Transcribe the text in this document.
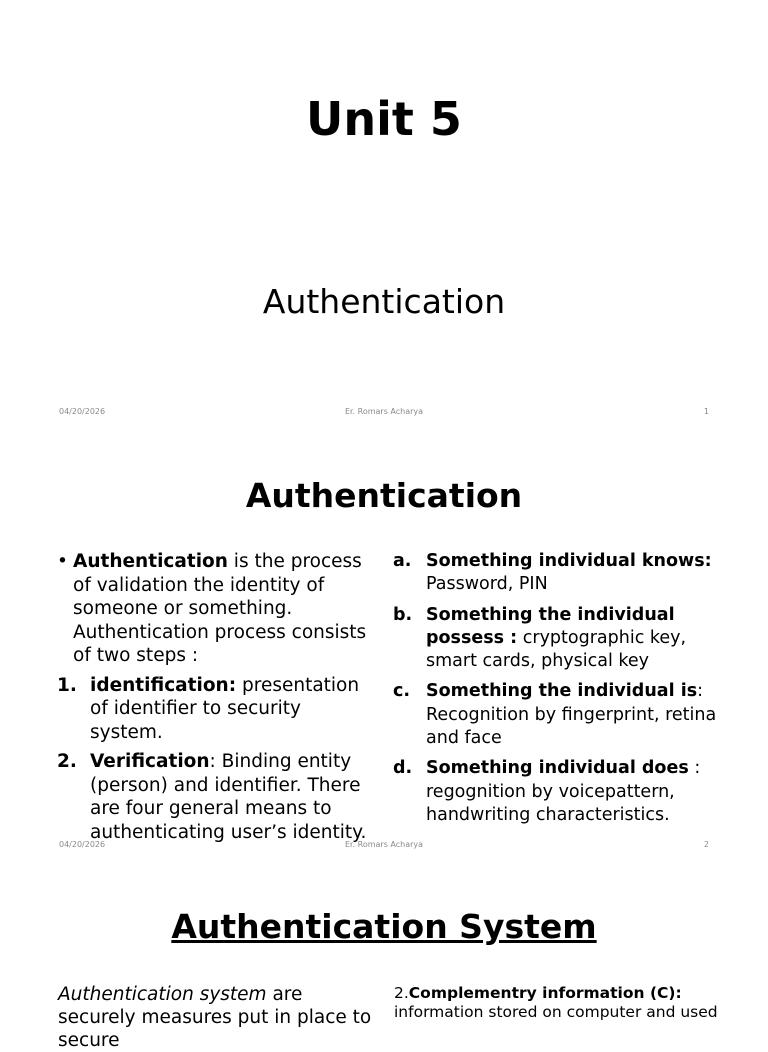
Unit 5
Authentication
04/20/2026	Er. Romars Acharya	1
Authentication
• Authentication is the process of validation the identity of someone or something. Authentication process consists of two steps :
1. identification: presentation of identifier to security system.
2. Verification: Binding entity (person) and identifier. There are four general means to authenticating user’s identity.
a. Something individual knows: Password, PIN
b. Something the individual possess : cryptographic key, smart cards, physical key
c. Something the individual is: Recognition by fingerprint, retina and face
d. Something individual does : regognition by voicepattern, handwriting characteristics.
04/20/2026	Er. Romars Acharya	2
Authentication System
Authentication system are securely measures put in place to secure
2.Complementry information (C):
information stored on computer and used
